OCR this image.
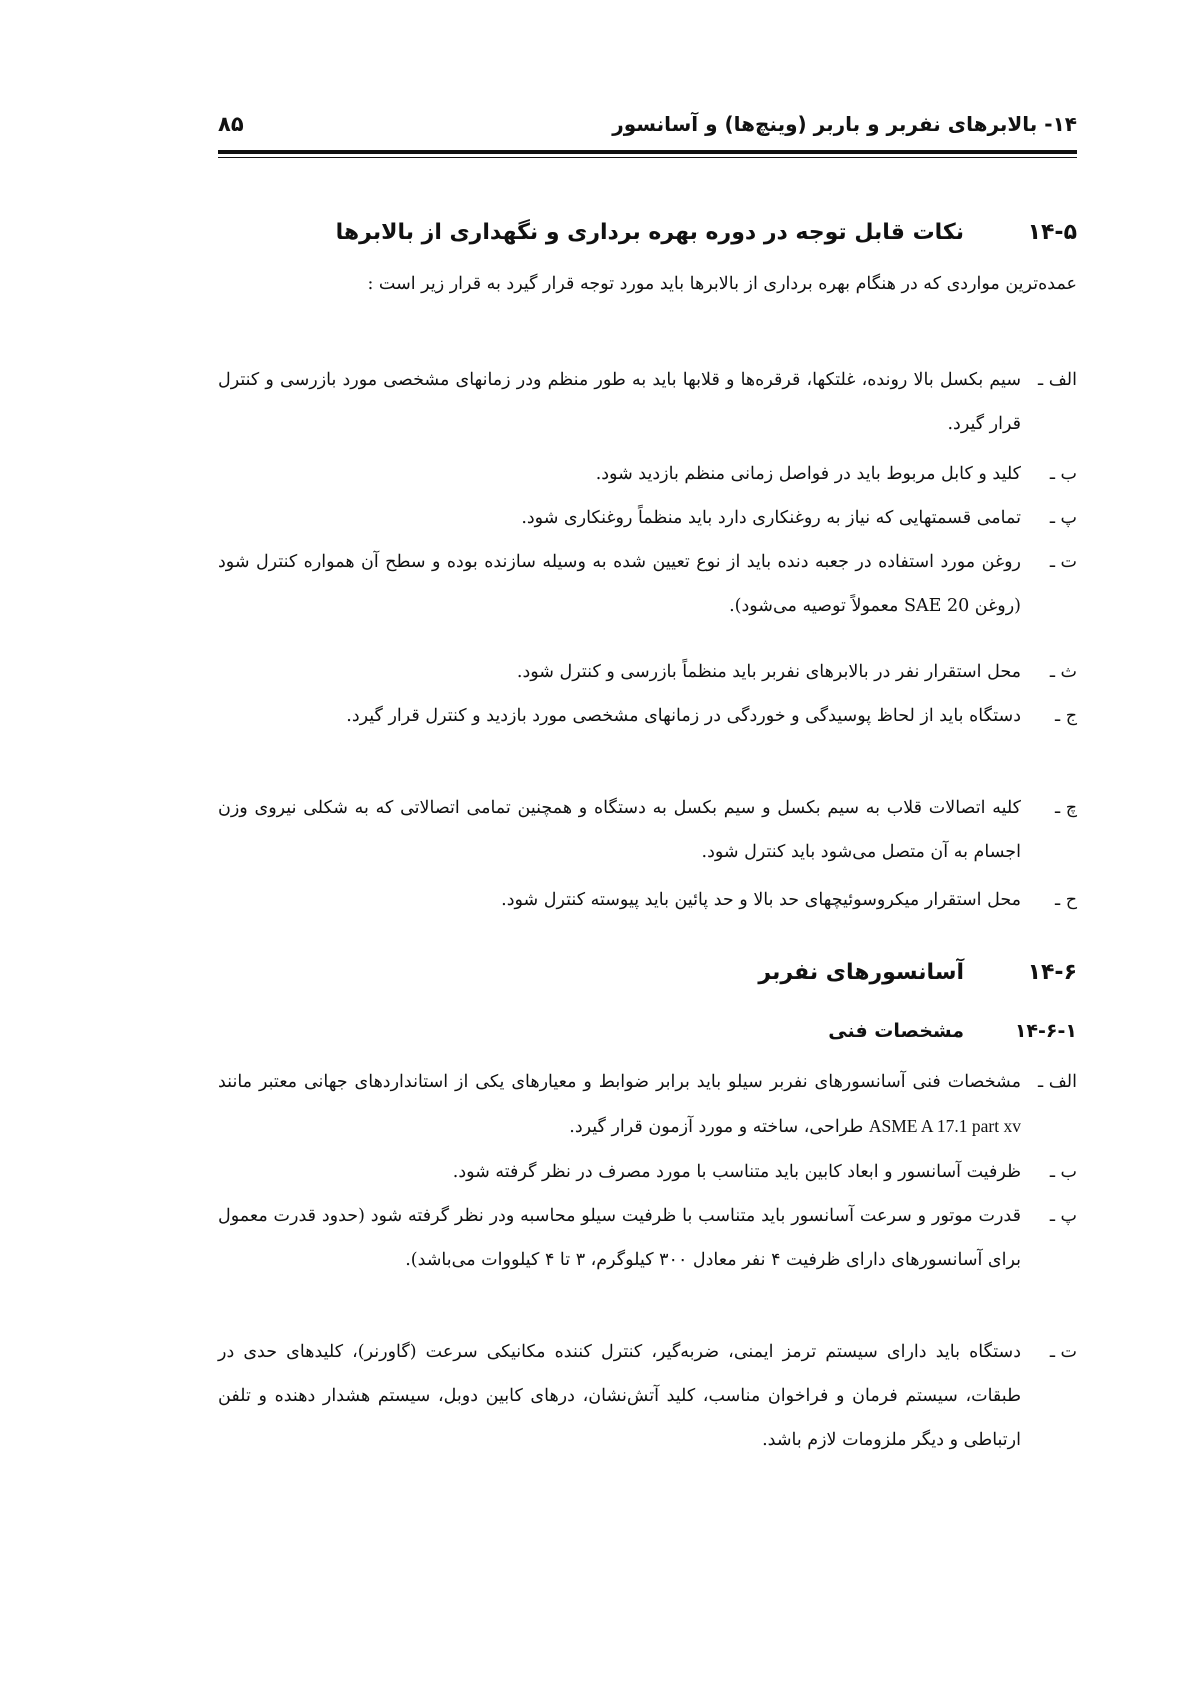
۱۴- بالابرهای نفربر و باربر (وینچ‌ها) و آسانسور
۸۵
۱۴-۵
نکات قابل توجه در دوره بهره برداری و نگهداری از بالابرها
عمده‌ترین مواردی که در هنگام بهره برداری از بالابرها باید مورد توجه قرار گیرد به قرار زیر است :
الف ـ
سیم بکسل بالا رونده، غلتکها، قرقره‌ها و قلابها باید به طور منظم ودر زمانهای مشخصی مورد بازرسی و کنترل قرار گیرد.
ب ـ
کلید و کابل مربوط باید در فواصل زمانی منظم بازدید شود.
پ ـ
تمامی قسمتهایی که نیاز به روغنکاری دارد باید منظماً روغنکاری شود.
ت ـ
روغن مورد استفاده در جعبه دنده باید از نوع تعیین شده به وسیله سازنده بوده و سطح آن همواره کنترل شود (روغن SAE 20 معمولاً توصیه می‌شود).
ث ـ
محل استقرار نفر در بالابرهای نفربر باید منظماً بازرسی و کنترل شود.
ج ـ
دستگاه باید از لحاظ پوسیدگی و خوردگی در زمانهای مشخصی مورد بازدید و کنترل قرار گیرد.
چ ـ
کلیه اتصالات قلاب به سیم بکسل و سیم بکسل به دستگاه و همچنین تمامی اتصالاتی که به شکلی نیروی وزن اجسام به آن متصل می‌شود باید کنترل شود.
ح ـ
محل استقرار میکروسوئیچهای حد بالا و حد پائین باید پیوسته کنترل شود.
۱۴-۶
آسانسورهای نفربر
۱۴-۶-۱
مشخصات فنی
الف ـ
مشخصات فنی آسانسورهای نفربر سیلو باید برابر ضوابط و معیارهای یکی از استانداردهای جهانی معتبر مانند ASME A 17.1 part xv طراحی، ساخته و مورد آزمون قرار گیرد.
ب ـ
ظرفیت آسانسور و ابعاد کابین باید متناسب با مورد مصرف در نظر گرفته شود.
پ ـ
قدرت موتور و سرعت آسانسور باید متناسب با ظرفیت سیلو محاسبه ودر نظر گرفته شود (حدود قدرت معمول برای آسانسورهای دارای ظرفیت ۴ نفر معادل ۳۰۰ کیلوگرم، ۳ تا ۴ کیلووات می‌باشد).
ت ـ
دستگاه باید دارای سیستم ترمز ایمنی، ضربه‌گیر، کنترل کننده مکانیکی سرعت (گاورنر)، کلیدهای حدی در طبقات، سیستم فرمان و فراخوان مناسب، کلید آتش‌نشان، درهای کابین دوبل، سیستم هشدار دهنده و تلفن ارتباطی و دیگر ملزومات لازم باشد.
